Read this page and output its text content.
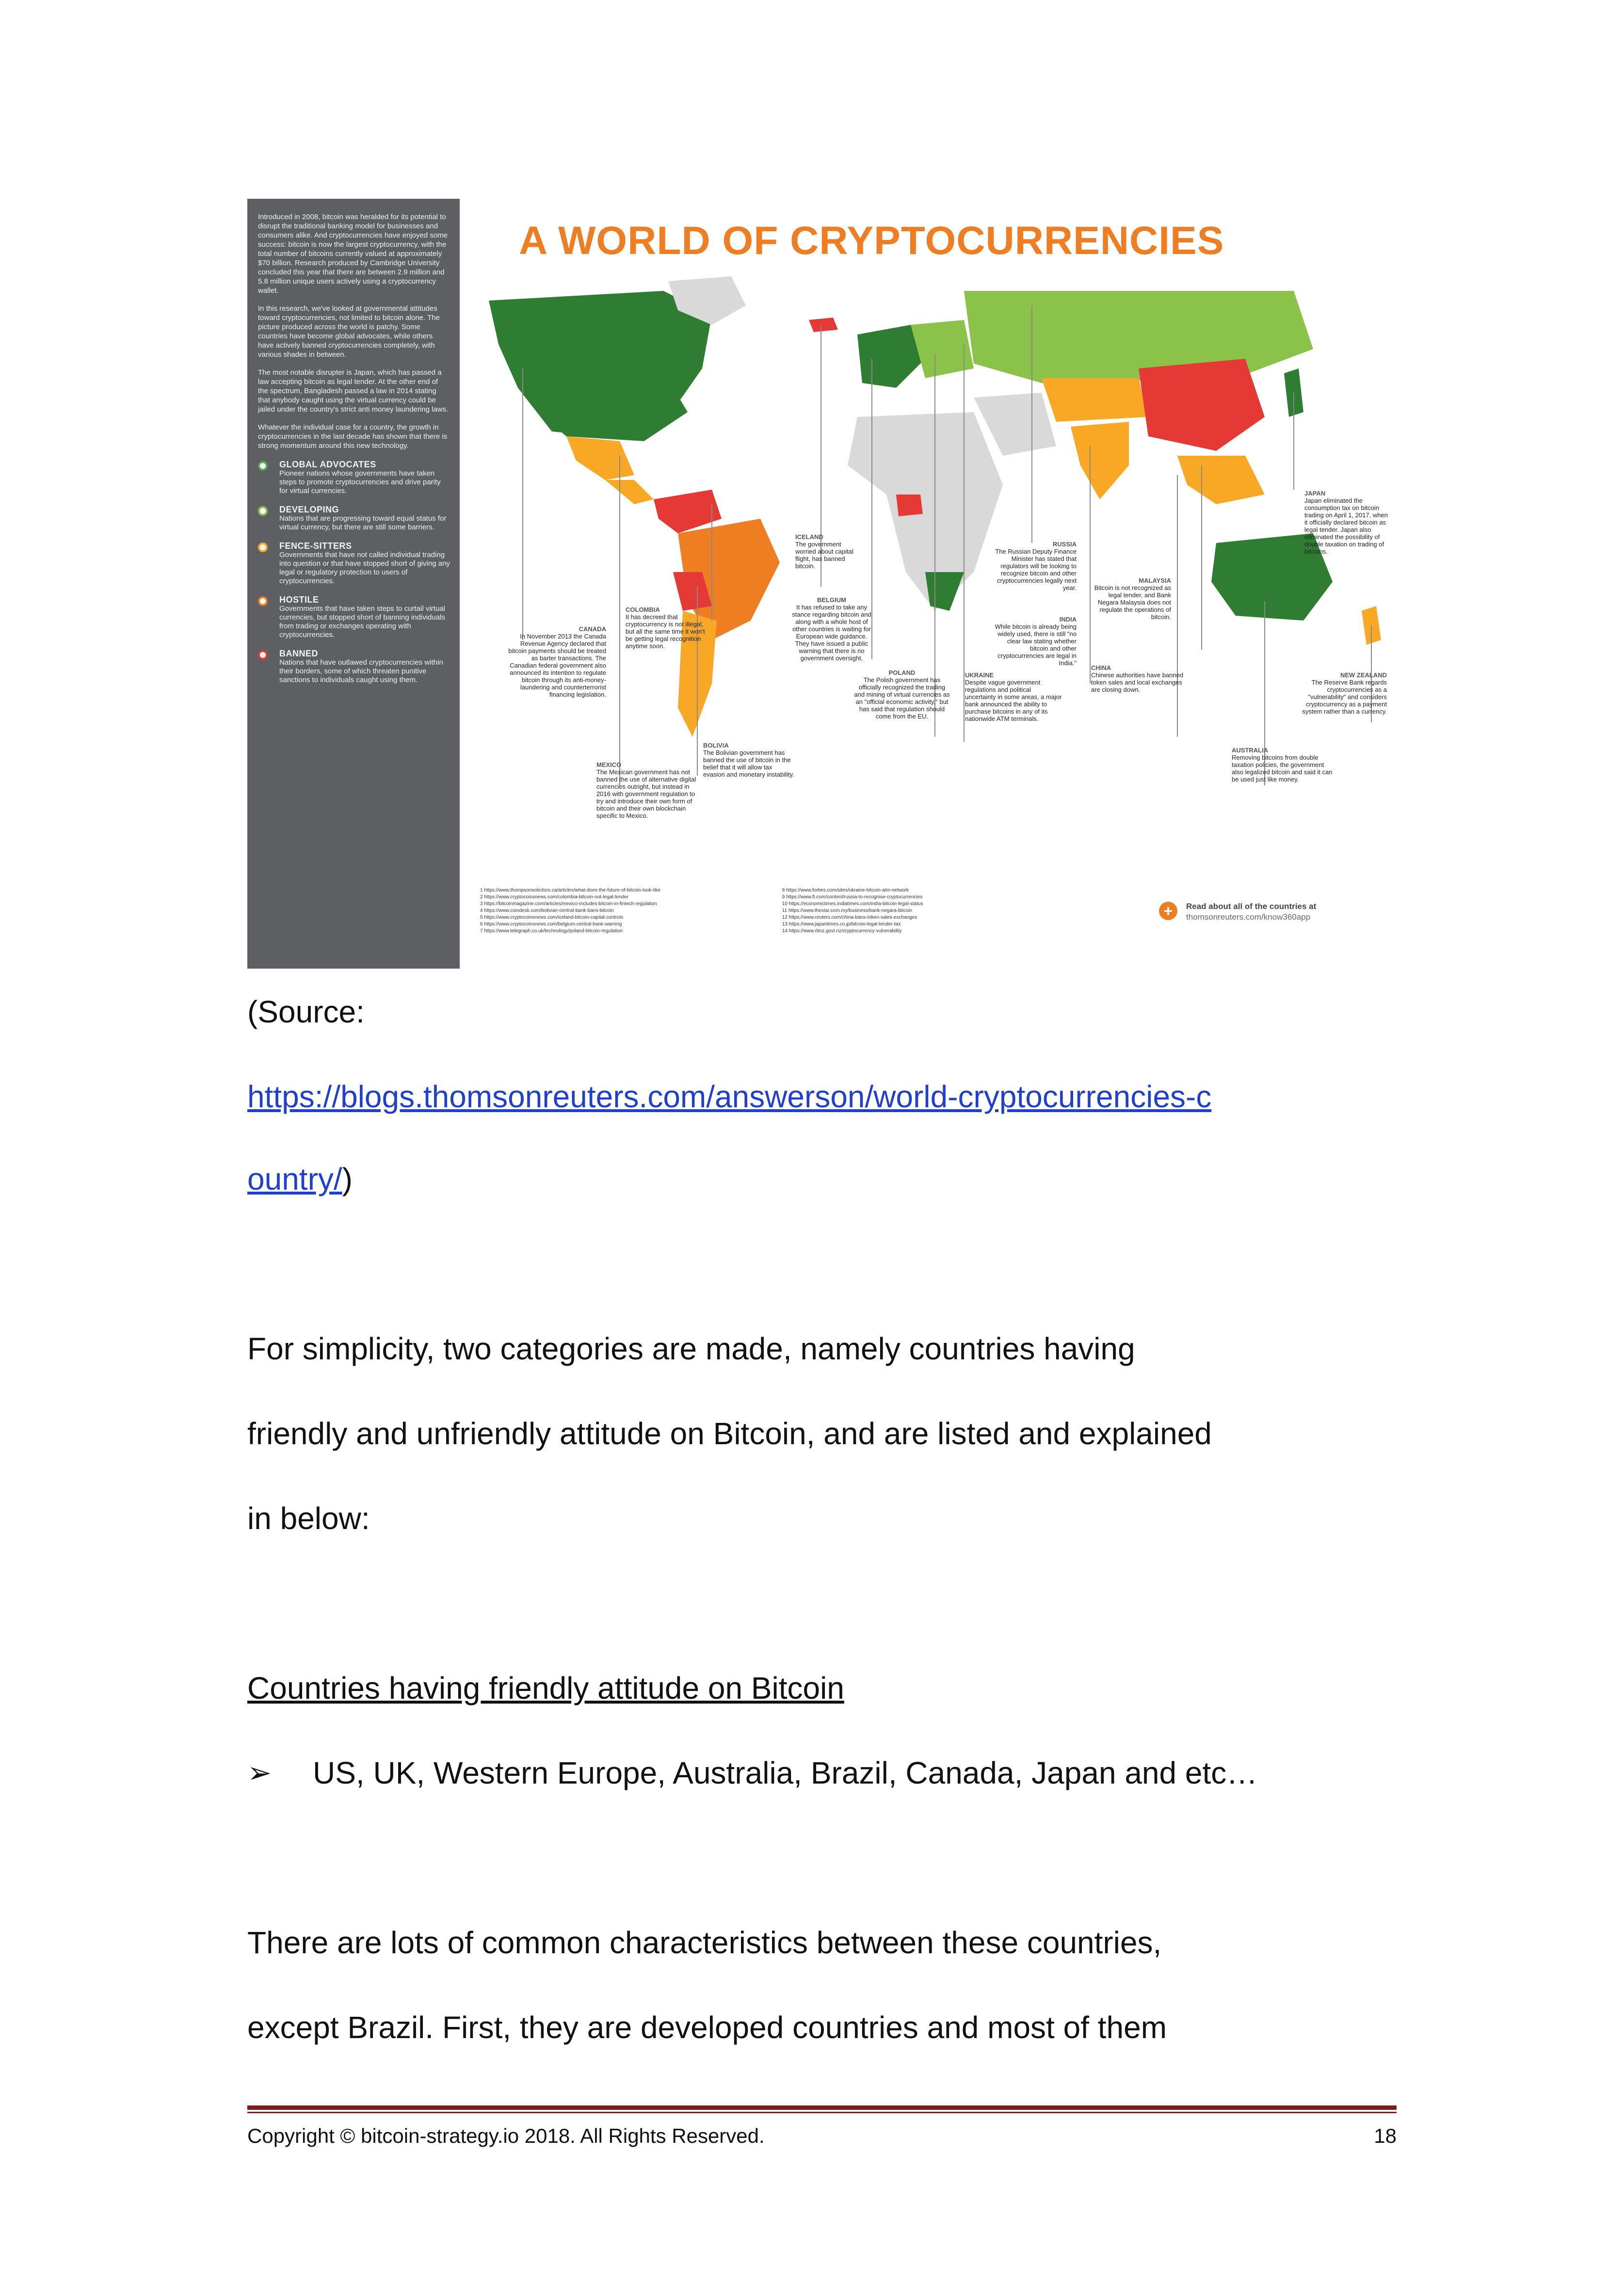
Introduced in 2008, bitcoin was heralded for its potential to disrupt the traditional banking model for businesses and consumers alike. And cryptocurrencies have enjoyed some success: bitcoin is now the largest cryptocurrency, with the total number of bitcoins currently valued at approximately $70 billion. Research produced by Cambridge University concluded this year that there are between 2.9 million and 5.8 million unique users actively using a cryptocurrency wallet.

In this research, we've looked at governmental attitudes toward cryptocurrencies, not limited to bitcoin alone. The picture produced across the world is patchy. Some countries have become global advocates, while others have actively banned cryptocurrencies completely, with various shades in between.

The most notable disrupter is Japan, which has passed a law accepting bitcoin as legal tender. At the other end of the spectrum, Bangladesh passed a law in 2014 stating that anybody caught using the virtual currency could be jailed under the country's strict anti money laundering laws.

Whatever the individual case for a country, the growth in cryptocurrencies in the last decade has shown that there is strong momentum around this new technology.

GLOBAL ADVOCATES
Pioneer nations whose governments have taken steps to promote cryptocurrencies and drive parity for virtual currencies.
DEVELOPING
Nations that are progressing toward equal status for virtual currency, but there are still some barriers.
FENCE-SITTERS
Governments that have not called individual trading into question or that have stopped short of giving any legal or regulatory protection to users of cryptocurrencies.
HOSTILE
Governments that have taken steps to curtail virtual currencies, but stopped short of banning individuals from trading or exchanges operating with cryptocurrencies.
BANNED
Nations that have outlawed cryptocurrencies within their borders, some of which threaten punitive sanctions to individuals caught using them.
A WORLD OF CRYPTOCURRENCIES
CANADA
In November 2013 the Canada Revenue Agency declared that bitcoin payments should be treated as barter transactions. The Canadian federal government also announced its intention to regulate bitcoin through its anti-money-laundering and counterterrorist financing legislation.
COLOMBIA
It has decreed that cryptocurrency is not illegal, but all the same time it won't be getting legal recognition anytime soon.
MEXICO
The Mexican government has not banned the use of alternative digital currencies outright, but instead in 2016 with government regulation to try and introduce their own form of bitcoin and their own blockchain specific to Mexico.
BOLIVIA
The Bolivian government has banned the use of bitcoin in the belief that it will allow tax evasion and monetary instability.
ICELAND
The government worried about capital flight, has banned bitcoin.
BELGIUM
It has refused to take any stance regarding bitcoin and along with a whole host of other countries is waiting for European wide guidance. They have issued a public warning that there is no government oversight.
POLAND
The Polish government has officially recognized the trading and mining of virtual currencies as an "official economic activity," but has said that regulation should come from the EU.
UKRAINE
Despite vague government regulations and political uncertainty in some areas, a major bank announced the ability to purchase bitcoins in any of its nationwide ATM terminals.
RUSSIA
The Russian Deputy Finance Minister has stated that regulators will be looking to recognize bitcoin and other cryptocurrencies legally next year.
INDIA
While bitcoin is already being widely used, there is still "no clear law stating whether bitcoin and other cryptocurrencies are legal in India."
MALAYSIA
Bitcoin is not recognized as legal tender, and Bank Negara Malaysia does not regulate the operations of bitcoin.
CHINA
Chinese authorities have banned token sales and local exchanges are closing down.
JAPAN
Japan eliminated the consumption tax on bitcoin trading on April 1, 2017, when it officially declared bitcoin as legal tender. Japan also eliminated the possibility of double taxation on trading of bitcoins.
NEW ZEALAND
The Reserve Bank regards cryptocurrencies as a "vulnerability" and considers cryptocurrency as a payment system rather than a currency.
AUSTRALIA
Removing bitcoins from double taxation policies, the government also legalized bitcoin and said it can be used just like money.
1 https://www.thompsonsolicitors.ca/articles/what-does-the-future-of-bitcoin-look-like
2 https://www.cryptocoinsnews.com/colombia-bitcoin-not-legal-tender
3 https://bitcoinmagazine.com/articles/mexico-includes-bitcoin-in-fintech-regulation
4 https://www.coindesk.com/bolivian-central-bank-bans-bitcoin
5 https://www.cryptocoinsnews.com/iceland-bitcoin-capital-controls
6 https://www.cryptocoinsnews.com/belgium-central-bank-warning
7 https://www.telegraph.co.uk/technology/poland-bitcoin-regulation

8 https://www.forbes.com/sites/ukraine-bitcoin-atm-network
9 https://www.ft.com/content/russia-to-recognise-cryptocurrencies
10 https://economictimes.indiatimes.com/india-bitcoin-legal-status
11 https://www.thestar.com.my/business/bank-negara-bitcoin
12 https://www.reuters.com/china-bans-token-sales-exchanges
13 https://www.japantimes.co.jp/bitcoin-legal-tender-tax
14 https://www.rbnz.govt.nz/cryptocurrency-vulnerability
+	Read about all of the countries at
thomsonreuters.com/know360app
(Source:
https://blogs.thomsonreuters.com/answerson/world-cryptocurrencies-c
ountry/)
For simplicity, two categories are made, namely countries having
friendly and unfriendly attitude on Bitcoin, and are listed and explained
in below:
Countries having friendly attitude on Bitcoin
➢ US, UK, Western Europe, Australia, Brazil, Canada, Japan and etc…
There are lots of common characteristics between these countries,
except Brazil. First, they are developed countries and most of them
Copyright © bitcoin-strategy.io 2018. All Rights Reserved.	18
